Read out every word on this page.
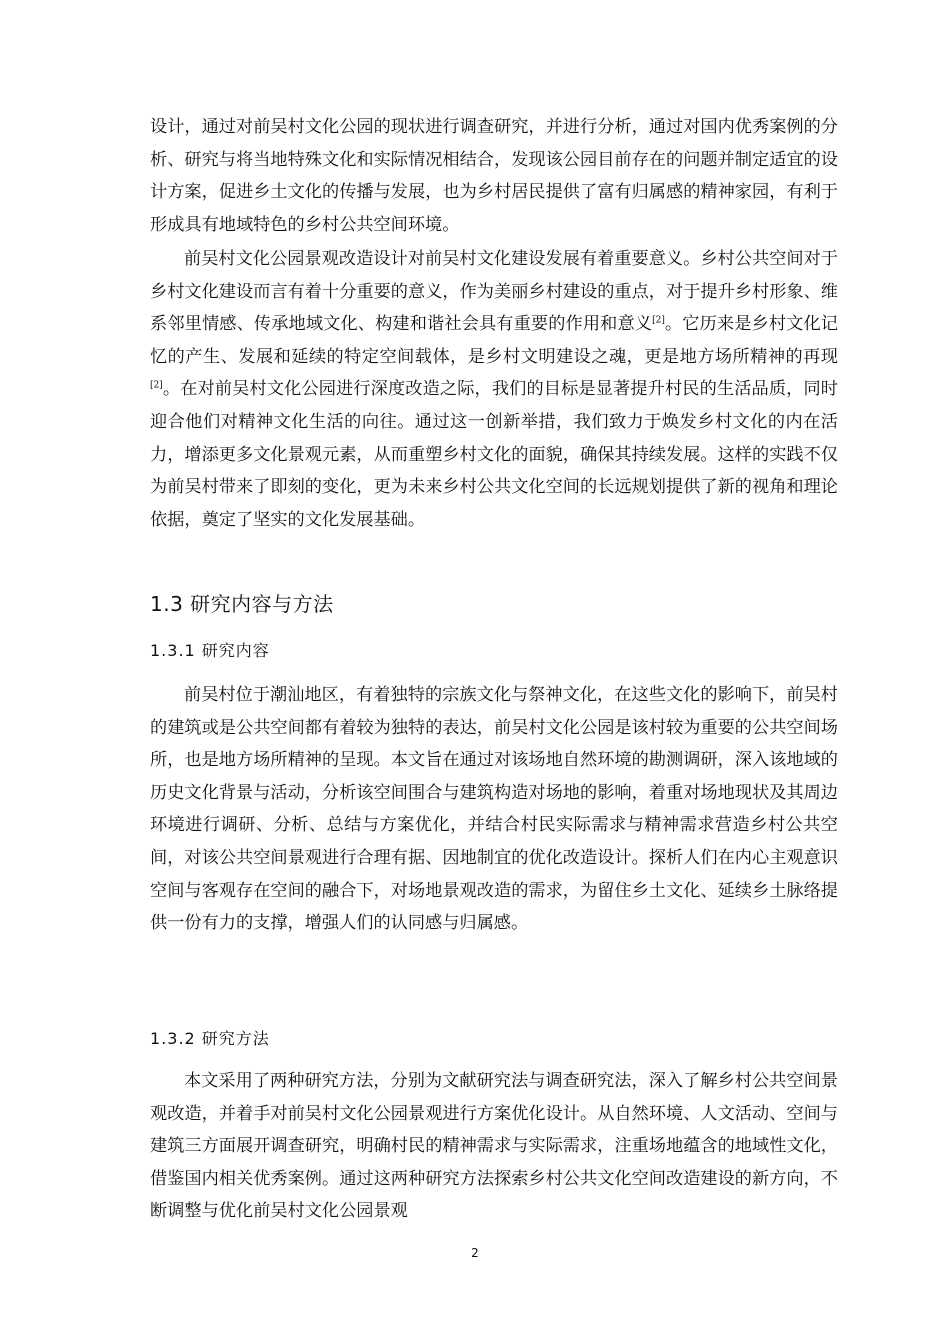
设计，通过对前吴村文化公园的现状进行调查研究，并进行分析，通过对国内优秀案例的分析、研究与将当地特殊文化和实际情况相结合，发现该公园目前存在的问题并制定适宜的设计方案，促进乡土文化的传播与发展，也为乡村居民提供了富有归属感的精神家园，有利于形成具有地域特色的乡村公共空间环境。

前吴村文化公园景观改造设计对前吴村文化建设发展有着重要意义。乡村公共空间对于乡村文化建设而言有着十分重要的意义，作为美丽乡村建设的重点，对于提升乡村形象、维系邻里情感、传承地域文化、构建和谐社会具有重要的作用和意义[2]。它历来是乡村文化记忆的产生、发展和延续的特定空间载体，是乡村文明建设之魂，更是地方场所精神的再现[2]。在对前吴村文化公园进行深度改造之际，我们的目标是显著提升村民的生活品质，同时迎合他们对精神文化生活的向往。通过这一创新举措，我们致力于焕发乡村文化的内在活力，增添更多文化景观元素，从而重塑乡村文化的面貌，确保其持续发展。这样的实践不仅为前吴村带来了即刻的变化，更为未来乡村公共文化空间的长远规划提供了新的视角和理论依据，奠定了坚实的文化发展基础。

1.3 研究内容与方法
1.3.1 研究内容

前吴村位于潮汕地区，有着独特的宗族文化与祭神文化，在这些文化的影响下，前吴村的建筑或是公共空间都有着较为独特的表达，前吴村文化公园是该村较为重要的公共空间场所，也是地方场所精神的呈现。本文旨在通过对该场地自然环境的勘测调研，深入该地域的历史文化背景与活动，分析该空间围合与建筑构造对场地的影响，着重对场地现状及其周边环境进行调研、分析、总结与方案优化，并结合村民实际需求与精神需求营造乡村公共空间，对该公共空间景观进行合理有据、因地制宜的优化改造设计。探析人们在内心主观意识空间与客观存在空间的融合下，对场地景观改造的需求，为留住乡土文化、延续乡土脉络提供一份有力的支撑，增强人们的认同感与归属感。

1.3.2 研究方法

本文采用了两种研究方法，分别为文献研究法与调查研究法，深入了解乡村公共空间景观改造，并着手对前吴村文化公园景观进行方案优化设计。从自然环境、人文活动、空间与建筑三方面展开调查研究，明确村民的精神需求与实际需求，注重场地蕴含的地域性文化，借鉴国内相关优秀案例。通过这两种研究方法探索乡村公共文化空间改造建设的新方向，不断调整与优化前吴村文化公园景观

2
